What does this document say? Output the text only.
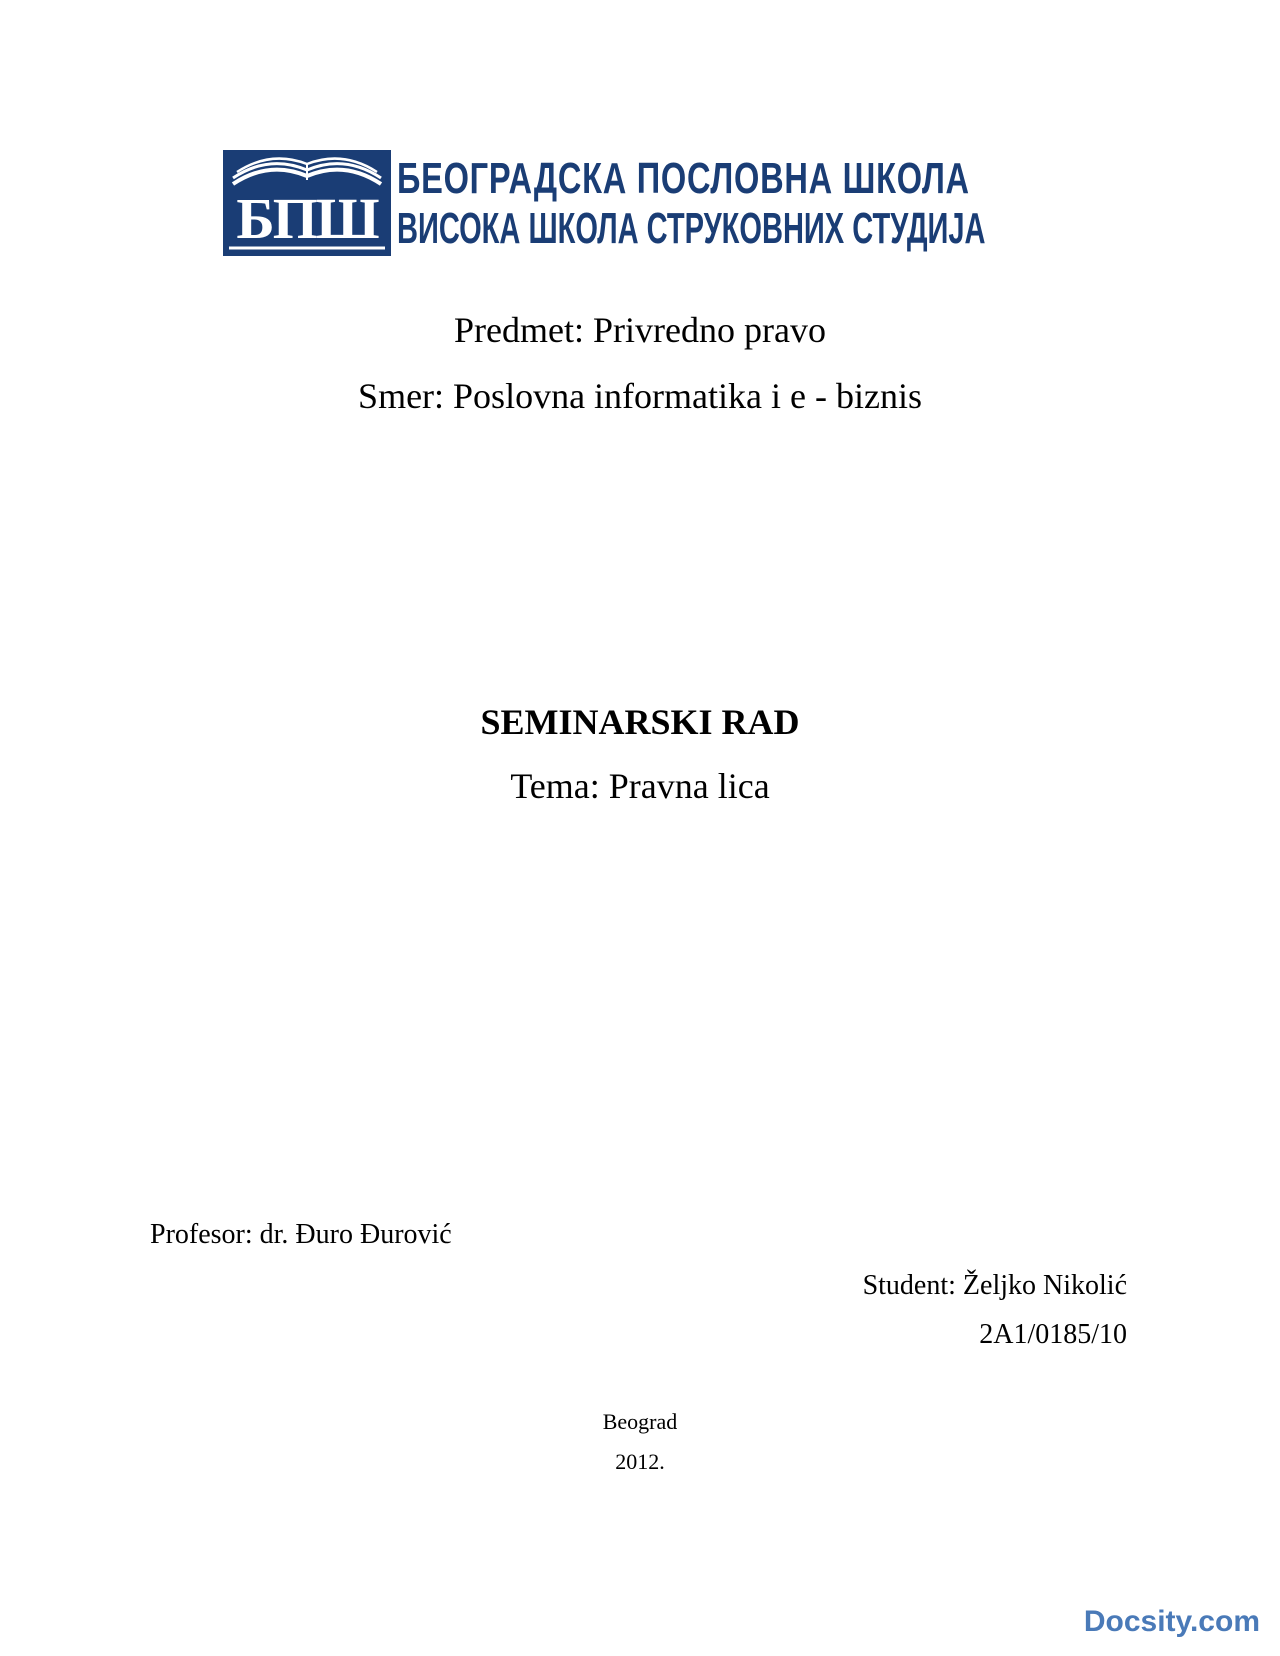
БПШ
БЕОГРАДСКА ПОСЛОВНА ШКОЛА
ВИСОКА ШКОЛА СТРУКОВНИХ СТУДИЈА
Predmet: Privredno pravo
Smer: Poslovna informatika i e - biznis
SEMINARSKI RAD
Tema: Pravna lica
Profesor: dr. Đuro Đurović
Student: Željko Nikolić
2A1/0185/10
Beograd
2012.
Docsity.com
